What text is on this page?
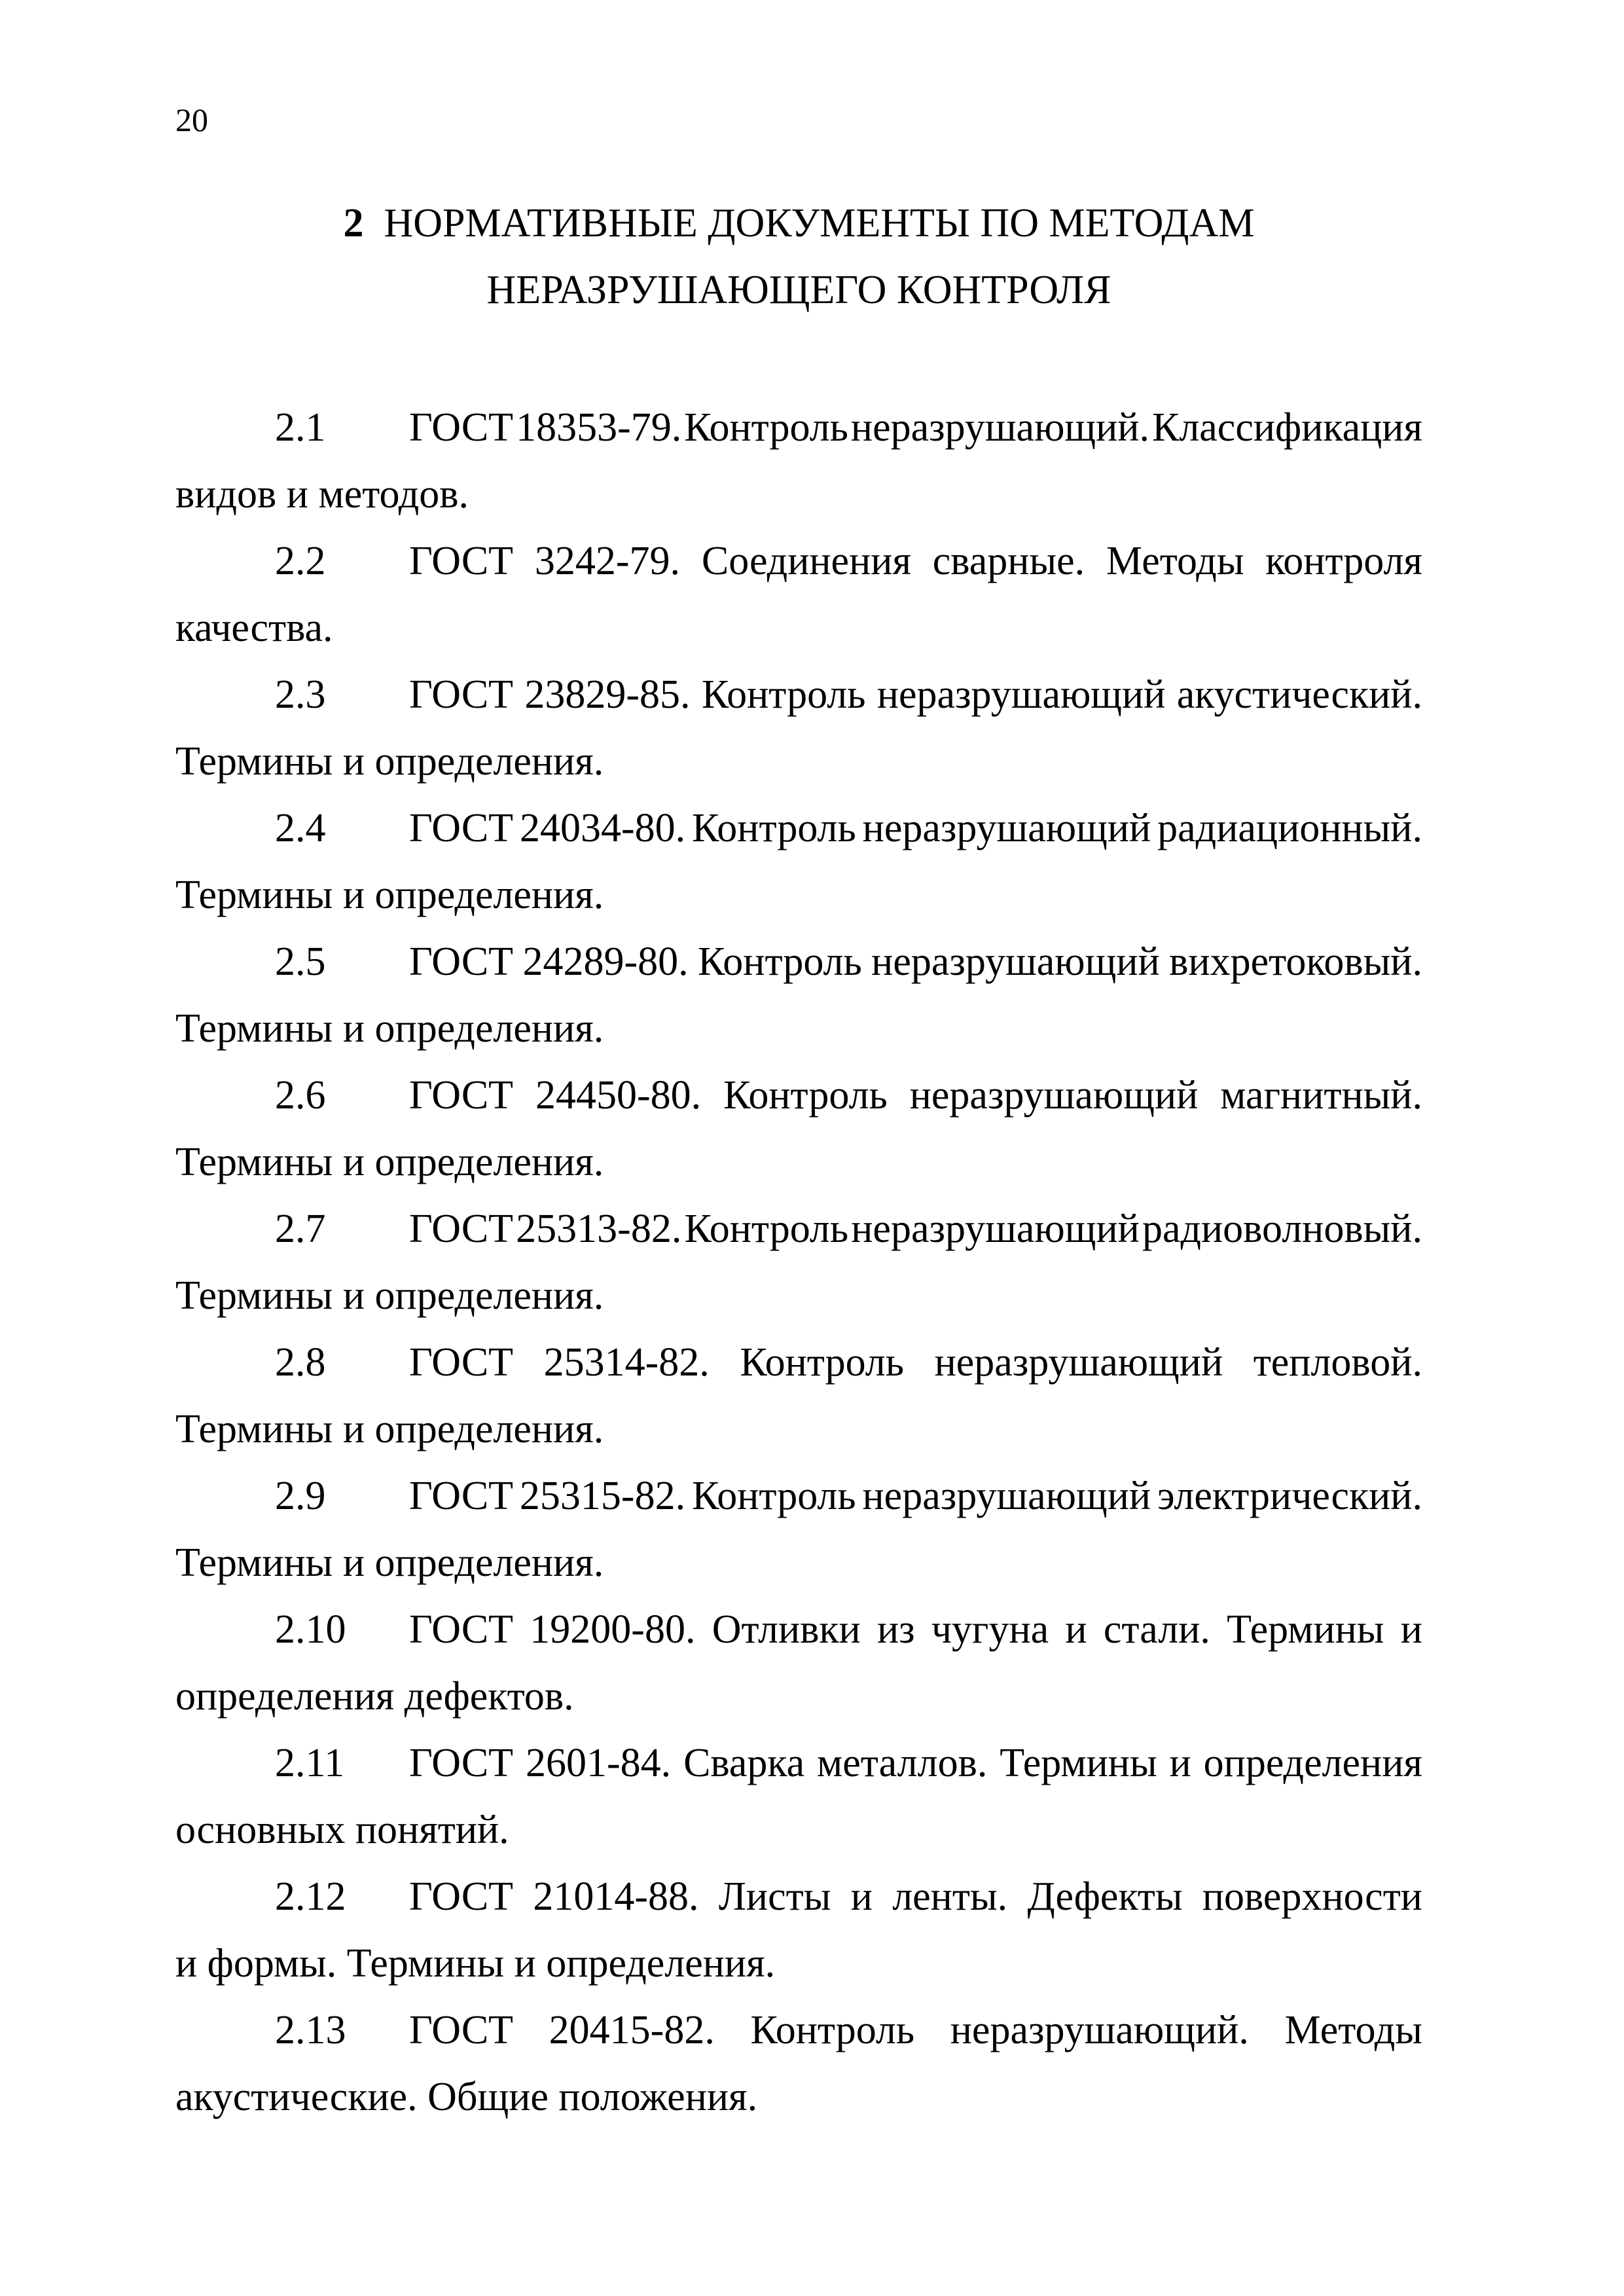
20
2 НОРМАТИВНЫЕ ДОКУМЕНТЫ ПО МЕТОДАМ
НЕРАЗРУШАЮЩЕГО КОНТРОЛЯ
2.1	ГОСТ 18353-79. Контроль неразрушающий. Классификация
видов и методов.
2.2	ГОСТ 3242-79. Соединения сварные. Методы контроля
качества.
2.3	ГОСТ 23829-85. Контроль неразрушающий акустический.
Термины и определения.
2.4	ГОСТ 24034-80. Контроль неразрушающий радиационный.
Термины и определения.
2.5	ГОСТ 24289-80. Контроль неразрушающий вихретоковый.
Термины и определения.
2.6	ГОСТ 24450-80. Контроль неразрушающий магнитный.
Термины и определения.
2.7	ГОСТ 25313-82. Контроль неразрушающий радиоволновый.
Термины и определения.
2.8	ГОСТ 25314-82. Контроль неразрушающий тепловой.
Термины и определения.
2.9	ГОСТ 25315-82. Контроль неразрушающий электрический.
Термины и определения.
2.10	ГОСТ 19200-80. Отливки из чугуна и стали. Термины и
определения дефектов.
2.11	ГОСТ 2601-84. Сварка металлов. Термины и определения
основных понятий.
2.12	ГОСТ 21014-88. Листы и ленты. Дефекты поверхности
и формы. Термины и определения.
2.13	ГОСТ 20415-82. Контроль неразрушающий. Методы
акустические. Общие положения.
